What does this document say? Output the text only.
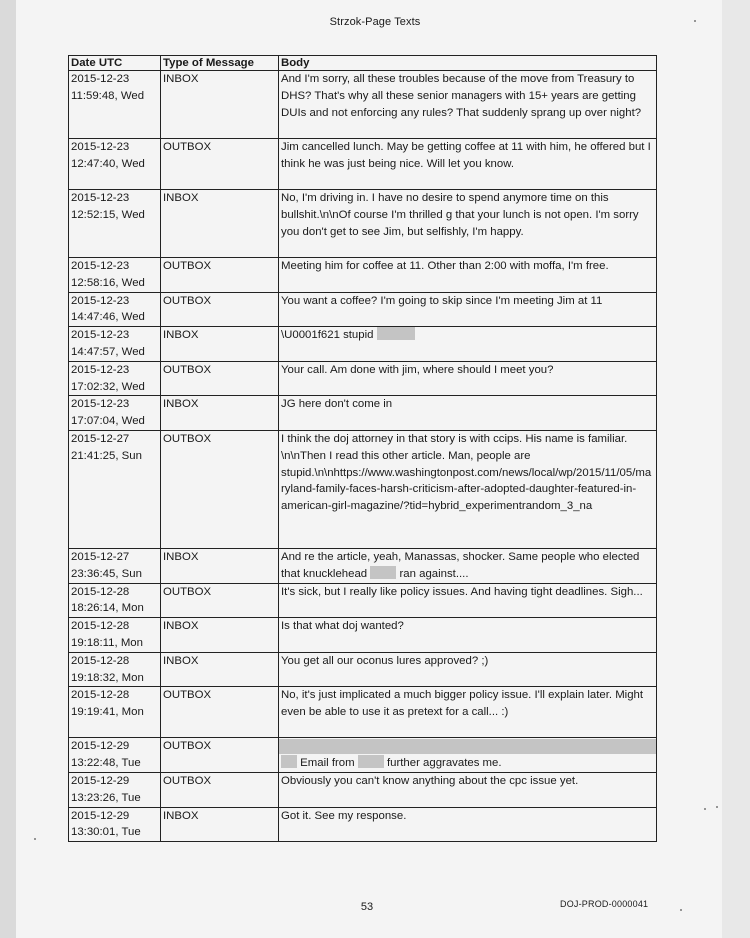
Strzok-Page Texts
Date UTC	Type of Message	Body
2015-12-23
11:59:48, Wed	INBOX	And I'm sorry, all these troubles because of the move from Treasury to DHS? That's why all these senior managers with 15+ years are getting DUIs and not enforcing any rules? That suddenly sprang up over night?
2015-12-23
12:47:40, Wed	OUTBOX	Jim cancelled lunch. May be getting coffee at 11 with him, he offered but I think he was just being nice. Will let you know.
2015-12-23
12:52:15, Wed	INBOX	No, I'm driving in. I have no desire to spend anymore time on this bullshit.\n\nOf course I'm thrilled g that your lunch is not open. I'm sorry you don't get to see Jim, but selfishly, I'm happy.
2015-12-23
12:58:16, Wed	OUTBOX	Meeting him for coffee at 11. Other than 2:00 with moffa, I'm free.
2015-12-23
14:47:46, Wed	OUTBOX	You want a coffee? I'm going to skip since I'm meeting Jim at 11
2015-12-23
14:47:57, Wed	INBOX	\U0001f621 stupid
2015-12-23
17:02:32, Wed	OUTBOX	Your call. Am done with jim, where should I meet you?
2015-12-23
17:07:04, Wed	INBOX	JG here don't come in
2015-12-27
21:41:25, Sun	OUTBOX	I think the doj attorney in that story is with ccips. His name is familiar. \n\nThen I read this other article. Man, people are stupid.\n\nhttps://www.washingtonpost.com/news/local/wp/2015/11/05/maryland-family-faces-harsh-criticism-after-adopted-daughter-featured-in-american-girl-magazine/?tid=hybrid_experimentrandom_3_na
2015-12-27
23:36:45, Sun	INBOX	And re the article, yeah, Manassas, shocker. Same people who elected that knucklehead ran against....
2015-12-28
18:26:14, Mon	OUTBOX	It's sick, but I really like policy issues. And having tight deadlines. Sigh...
2015-12-28
19:18:11, Mon	INBOX	Is that what doj wanted?
2015-12-28
19:18:32, Mon	INBOX	You get all our oconus lures approved? ;)
2015-12-28
19:19:41, Mon	OUTBOX	No, it's just implicated a much bigger policy issue. I'll explain later. Might even be able to use it as pretext for a call... :)
2015-12-29
13:22:48, Tue	OUTBOX	Email from further aggravates me.
2015-12-29
13:23:26, Tue	OUTBOX	Obviously you can't know anything about the cpc issue yet.
2015-12-29
13:30:01, Tue	INBOX	Got it. See my response.
53	DOJ-PROD-0000041
